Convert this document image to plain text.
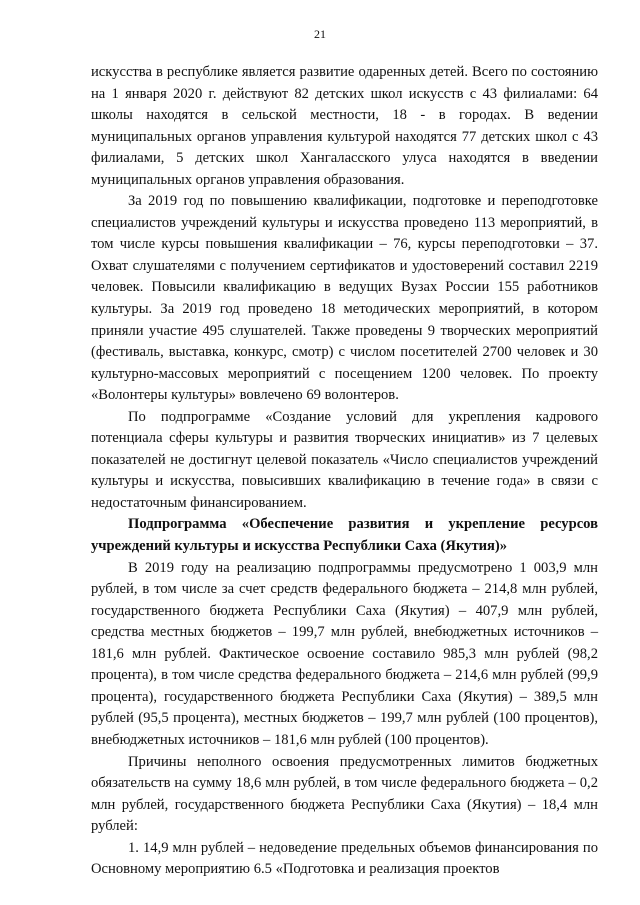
21

искусства в республике является развитие одаренных детей. Всего по состоянию на 1 января 2020 г. действуют 82 детских школ искусств с 43 филиалами: 64 школы находятся в сельской местности, 18 - в городах. В ведении муниципальных органов управления культурой находятся 77 детских школ с 43 филиалами, 5 детских школ Хангаласского улуса находятся в введении муниципальных органов управления образования.

За 2019 год по повышению квалификации, подготовке и переподготовке специалистов учреждений культуры и искусства проведено 113 мероприятий, в том числе курсы повышения квалификации – 76, курсы переподготовки – 37. Охват слушателями с получением сертификатов и удостоверений составил 2219 человек. Повысили квалификацию в ведущих Вузах России 155 работников культуры. За 2019 год проведено 18 методических мероприятий, в котором приняли участие 495 слушателей. Также проведены 9 творческих мероприятий (фестиваль, выставка, конкурс, смотр) с числом посетителей 2700 человек и 30 культурно-массовых мероприятий с посещением 1200 человек. По проекту «Волонтеры культуры» вовлечено 69 волонтеров.

По подпрограмме «Создание условий для укрепления кадрового потенциала сферы культуры и развития творческих инициатив» из 7 целевых показателей не достигнут целевой показатель «Число специалистов учреждений культуры и искусства, повысивших квалификацию в течение года» в связи с недостаточным финансированием.

Подпрограмма «Обеспечение развития и укрепление ресурсов учреждений культуры и искусства Республики Саха (Якутия)»

В 2019 году на реализацию подпрограммы предусмотрено 1 003,9 млн рублей, в том числе за счет средств федерального бюджета – 214,8 млн рублей, государственного бюджета Республики Саха (Якутия) – 407,9 млн рублей, средства местных бюджетов – 199,7 млн рублей, внебюджетных источников – 181,6 млн рублей. Фактическое освоение составило 985,3 млн рублей (98,2 процента), в том числе средства федерального бюджета – 214,6 млн рублей (99,9 процента), государственного бюджета Республики Саха (Якутия) – 389,5 млн рублей (95,5 процента), местных бюджетов – 199,7 млн рублей (100 процентов), внебюджетных источников – 181,6 млн рублей (100 процентов).

Причины неполного освоения предусмотренных лимитов бюджетных обязательств на сумму 18,6 млн рублей, в том числе федерального бюджета – 0,2 млн рублей, государственного бюджета Республики Саха (Якутия) – 18,4 млн рублей:

1. 14,9 млн рублей – недоведение предельных объемов финансирования по Основному мероприятию 6.5 «Подготовка и реализация проектов
